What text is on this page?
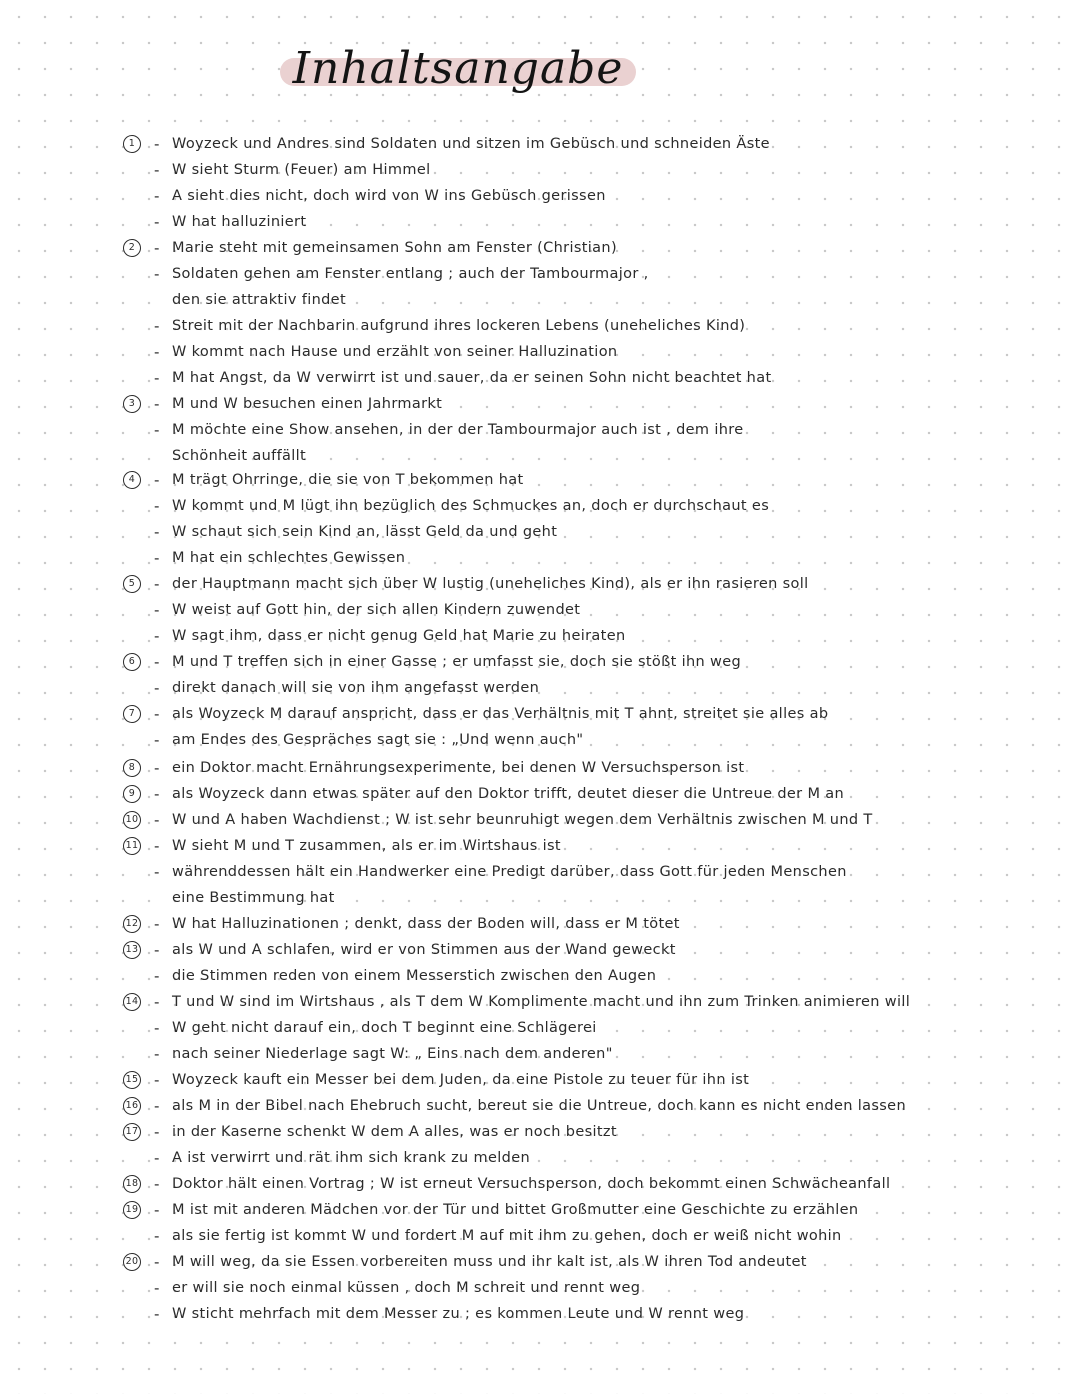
Inhaltsangabe
1	- Woyzeck und Andres sind Soldaten und sitzen im Gebüsch und schneiden Äste
- W sieht Sturm (Feuer) am Himmel
- A sieht dies nicht, doch wird von W ins Gebüsch gerissen
- W hat halluziniert
2	- Marie steht mit gemeinsamen Sohn am Fenster (Christian)
- Soldaten gehen am Fenster entlang ; auch der Tambourmajor ,
den sie attraktiv findet
- Streit mit der Nachbarin aufgrund ihres lockeren Lebens (uneheliches Kind)
- W kommt nach Hause und erzählt von seiner Halluzination
- M hat Angst, da W verwirrt ist und sauer, da er seinen Sohn nicht beachtet hat
3	- M und W besuchen einen Jahrmarkt
- M möchte eine Show ansehen, in der der Tambourmajor auch ist , dem ihre
Schönheit auffällt
4	- M trägt Ohrringe, die sie von T bekommen hat
- W kommt und M lügt ihn bezüglich des Schmuckes an, doch er durchschaut es
- W schaut sich sein Kind an, lässt Geld da und geht
- M hat ein schlechtes Gewissen
5	- der Hauptmann macht sich über W lustig (uneheliches Kind), als er ihn rasieren soll
- W weist auf Gott hin, der sich allen Kindern zuwendet
- W sagt ihm, dass er nicht genug Geld hat Marie zu heiraten
6	- M und T treffen sich in einer Gasse ; er umfasst sie, doch sie stößt ihn weg
- direkt danach will sie von ihm angefasst werden
7	- als Woyzeck M darauf anspricht, dass er das Verhältnis mit T ahnt, streitet sie alles ab
- am Endes des Gespräches sagt sie : „Und wenn auch"
8	- ein Doktor macht Ernährungsexperimente, bei denen W Versuchsperson ist
9	- als Woyzeck dann etwas später auf den Doktor trifft, deutet dieser die Untreue der M an
10 - W und A haben Wachdienst ; W ist sehr beunruhigt wegen dem Verhältnis zwischen M und T
11 - W sieht M und T zusammen, als er im Wirtshaus ist
- währenddessen hält ein Handwerker eine Predigt darüber, dass Gott für jeden Menschen
eine Bestimmung hat
12 - W hat Halluzinationen ; denkt, dass der Boden will, dass er M tötet
13 - als W und A schlafen, wird er von Stimmen aus der Wand geweckt
- die Stimmen reden von einem Messerstich zwischen den Augen
14 - T und W sind im Wirtshaus , als T dem W Komplimente macht und ihn zum Trinken animieren will
- W geht nicht darauf ein, doch T beginnt eine Schlägerei
- nach seiner Niederlage sagt W: „ Eins nach dem anderen"
15 - Woyzeck kauft ein Messer bei dem Juden, da eine Pistole zu teuer für ihn ist
16 - als M in der Bibel nach Ehebruch sucht, bereut sie die Untreue, doch kann es nicht enden lassen
17 - in der Kaserne schenkt W dem A alles, was er noch besitzt
- A ist verwirrt und rät ihm sich krank zu melden
18 - Doktor hält einen Vortrag ; W ist erneut Versuchsperson, doch bekommt einen Schwächeanfall
19 - M ist mit anderen Mädchen vor der Tür und bittet Großmutter eine Geschichte zu erzählen
- als sie fertig ist kommt W und fordert M auf mit ihm zu gehen, doch er weiß nicht wohin
20 - M will weg, da sie Essen vorbereiten muss und ihr kalt ist, als W ihren Tod andeutet
- er will sie noch einmal küssen , doch M schreit und rennt weg
- W sticht mehrfach mit dem Messer zu ; es kommen Leute und W rennt weg
